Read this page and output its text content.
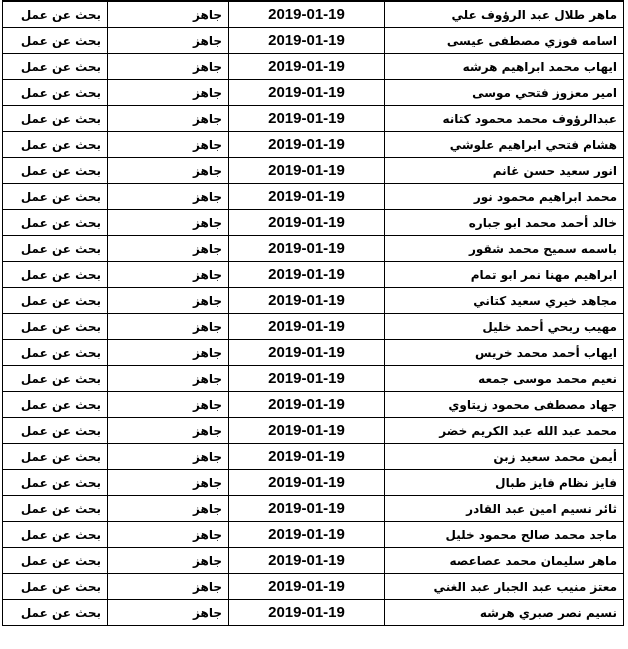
ماهر طلال عبد الرؤوف علي	2019-01-19	جاهز	بحث عن عمل
اسامه فوزي مصطفى عيسى	2019-01-19	جاهز	بحث عن عمل
ايهاب محمد ابراهيم هرشه	2019-01-19	جاهز	بحث عن عمل
امير معزوز فتحي موسى	2019-01-19	جاهز	بحث عن عمل
عبدالرؤوف محمد محمود كتانه	2019-01-19	جاهز	بحث عن عمل
هشام فتحي ابراهيم علوشي	2019-01-19	جاهز	بحث عن عمل
انور سعيد حسن غانم	2019-01-19	جاهز	بحث عن عمل
محمد ابراهيم محمود نور	2019-01-19	جاهز	بحث عن عمل
خالد أحمد محمد ابو جباره	2019-01-19	جاهز	بحث عن عمل
باسمه سميح محمد شقور	2019-01-19	جاهز	بحث عن عمل
ابراهيم مهنا نمر ابو تمام	2019-01-19	جاهز	بحث عن عمل
مجاهد خيري سعيد كتاني	2019-01-19	جاهز	بحث عن عمل
مهيب ربحي أحمد خليل	2019-01-19	جاهز	بحث عن عمل
ايهاب أحمد محمد خريس	2019-01-19	جاهز	بحث عن عمل
نعيم محمد موسى جمعه	2019-01-19	جاهز	بحث عن عمل
جهاد مصطفى محمود زيتاوي	2019-01-19	جاهز	بحث عن عمل
محمد عبد الله عبد الكريم خضر	2019-01-19	جاهز	بحث عن عمل
أيمن محمد سعيد زبن	2019-01-19	جاهز	بحث عن عمل
فايز نظام فايز طبال	2019-01-19	جاهز	بحث عن عمل
ثائر نسيم امين عبد القادر	2019-01-19	جاهز	بحث عن عمل
ماجد محمد صالح محمود خليل	2019-01-19	جاهز	بحث عن عمل
ماهر سليمان محمد عصاعصه	2019-01-19	جاهز	بحث عن عمل
معتز منيب عبد الجبار عبد الغني	2019-01-19	جاهز	بحث عن عمل
نسيم نصر صبري هرشه	2019-01-19	جاهز	بحث عن عمل
